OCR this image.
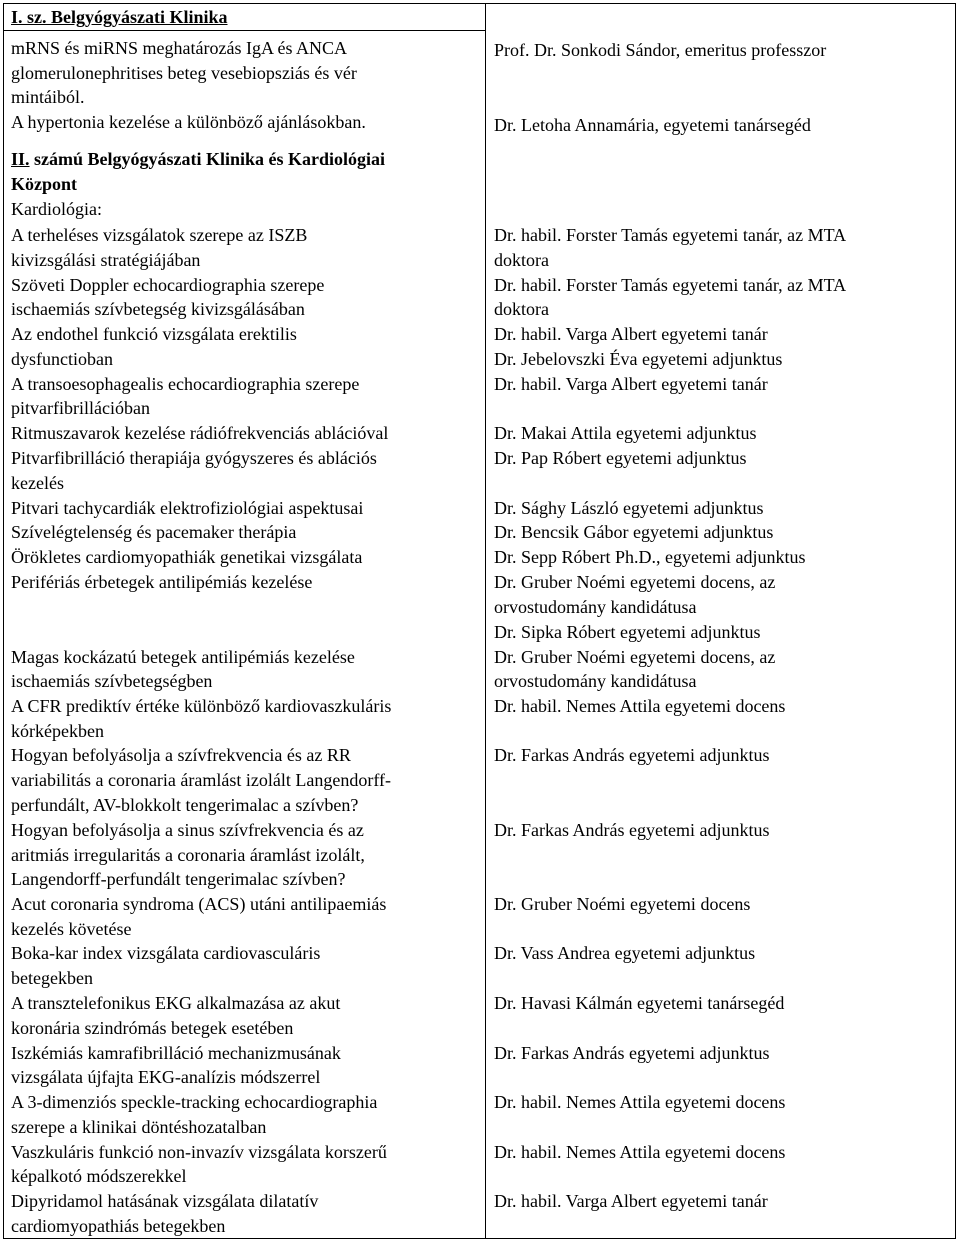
I. sz. Belgyógyászati Klinika
mRNS és miRNS meghatározás IgA és ANCA
glomerulonephritises beteg vesebiopsziás és vér
mintáiból.
A hypertonia kezelése a különböző ajánlásokban.
Prof. Dr. Sonkodi Sándor, emeritus professzor
Dr. Letoha Annamária, egyetemi tanársegéd
II. számú Belgyógyászati Klinika és Kardiológiai
Központ
Kardiológia:
A terheléses vizsgálatok szerepe az ISZB
kivizsgálási stratégiájában
Szöveti Doppler echocardiographia szerepe
ischaemiás szívbetegség kivizsgálásában
Az endothel funkció vizsgálata erektilis
dysfunctioban
A transoesophagealis echocardiographia szerepe
pitvarfibrillációban
Ritmuszavarok kezelése rádiófrekvenciás ablációval
Pitvarfibrilláció therapiája gyógyszeres és ablációs
kezelés
Pitvari tachycardiák elektrofiziológiai aspektusai
Szívelégtelenség és pacemaker therápia
Örökletes cardiomyopathiák genetikai vizsgálata
Perifériás érbetegek antilipémiás kezelése
Magas kockázatú betegek antilipémiás kezelése
ischaemiás szívbetegségben
A CFR prediktív értéke különböző kardiovaszkuláris
kórképekben
Hogyan befolyásolja a szívfrekvencia és az RR
variabilitás a coronaria áramlást izolált Langendorff-
perfundált, AV-blokkolt tengerimalac a szívben?
Hogyan befolyásolja a sinus szívfrekvencia és az
aritmiás irregularitás a coronaria áramlást izolált,
Langendorff-perfundált tengerimalac szívben?
Acut coronaria syndroma (ACS) utáni antilipaemiás
kezelés követése
Boka-kar index vizsgálata cardiovasculáris
betegekben
A transztelefonikus EKG alkalmazása az akut
koronária szindrómás betegek esetében
Iszkémiás kamrafibrilláció mechanizmusának
vizsgálata újfajta EKG-analízis módszerrel
A 3-dimenziós speckle-tracking echocardiographia
szerepe a klinikai döntéshozatalban
Vaszkuláris funkció non-invazív vizsgálata korszerű
képalkotó módszerekkel
Dipyridamol hatásának vizsgálata dilatatív
cardiomyopathiás betegekben
Dr. habil. Forster Tamás egyetemi tanár, az MTA
doktora
Dr. habil. Forster Tamás egyetemi tanár, az MTA
doktora
Dr. habil. Varga Albert egyetemi tanár
Dr. Jebelovszki Éva egyetemi adjunktus
Dr. habil. Varga Albert egyetemi tanár
Dr. Makai Attila egyetemi adjunktus
Dr. Pap Róbert egyetemi adjunktus
Dr. Sághy László egyetemi adjunktus
Dr. Bencsik Gábor egyetemi adjunktus
Dr. Sepp Róbert Ph.D., egyetemi adjunktus
Dr. Gruber Noémi egyetemi docens, az
orvostudomány kandidátusa
Dr. Sipka Róbert egyetemi adjunktus
Dr. Gruber Noémi egyetemi docens, az
orvostudomány kandidátusa
Dr. habil. Nemes Attila egyetemi docens
Dr. Farkas András egyetemi adjunktus
Dr. Farkas András egyetemi adjunktus
Dr. Gruber Noémi egyetemi docens
Dr. Vass Andrea egyetemi adjunktus
Dr. Havasi Kálmán egyetemi tanársegéd
Dr. Farkas András egyetemi adjunktus
Dr. habil. Nemes Attila egyetemi docens
Dr. habil. Nemes Attila egyetemi docens
Dr. habil. Varga Albert egyetemi tanár
